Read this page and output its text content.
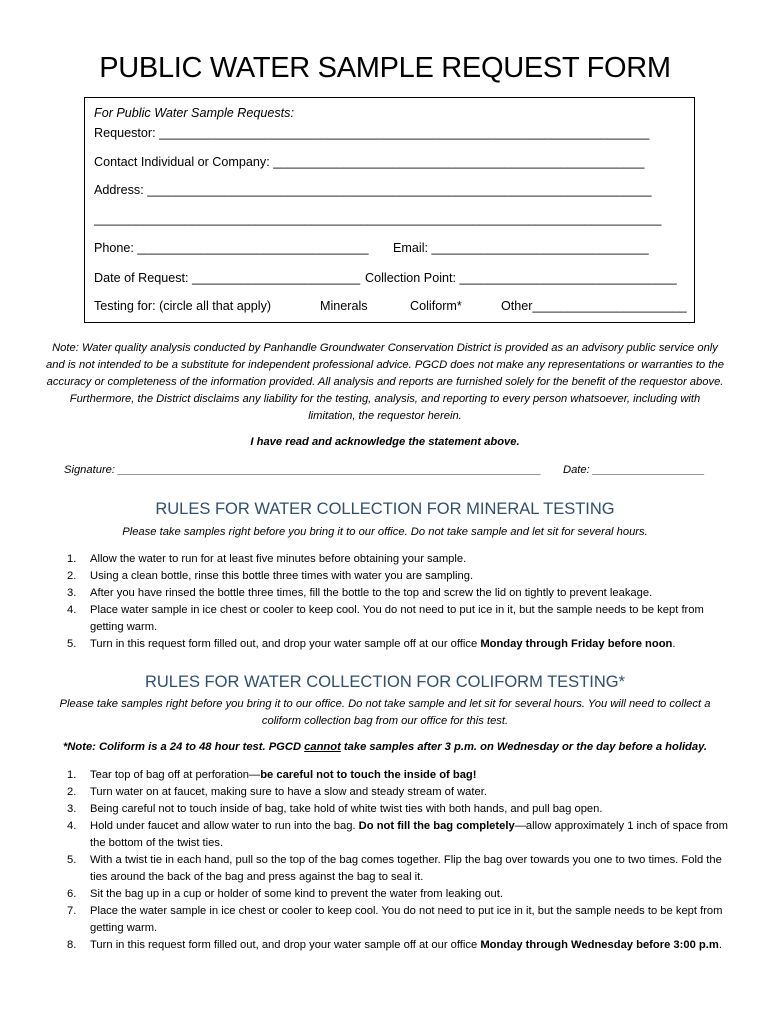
PUBLIC WATER SAMPLE REQUEST FORM
For Public Water Sample Requests:
Requestor: ______________________________________________________________________
Contact Individual or Company: _____________________________________________________
Address: ________________________________________________________________________
_________________________________________________________________________________
Phone: _________________________________	Email: _______________________________
Date of Request: ________________________ Collection Point: _______________________________
Testing for: (circle all that apply)	Minerals	Coliform*	Other______________________
Note: Water quality analysis conducted by Panhandle Groundwater Conservation District is provided as an advisory public service only and is not intended to be a substitute for independent professional advice. PGCD does not make any representations or warranties to the accuracy or completeness of the information provided. All analysis and reports are furnished solely for the benefit of the requestor above. Furthermore, the District disclaims any liability for the testing, analysis, and reporting to every person whatsoever, including with limitation, the requestor herein.
I have read and acknowledge the statement above.
Signature: ____________________________________________________________________	Date: __________________
RULES FOR WATER COLLECTION FOR MINERAL TESTING
Please take samples right before you bring it to our office. Do not take sample and let sit for several hours.
1. Allow the water to run for at least five minutes before obtaining your sample.
2. Using a clean bottle, rinse this bottle three times with water you are sampling.
3. After you have rinsed the bottle three times, fill the bottle to the top and screw the lid on tightly to prevent leakage.
4. Place water sample in ice chest or cooler to keep cool. You do not need to put ice in it, but the sample needs to be kept from getting warm.
5. Turn in this request form filled out, and drop your water sample off at our office Monday through Friday before noon.
RULES FOR WATER COLLECTION FOR COLIFORM TESTING*
Please take samples right before you bring it to our office. Do not take sample and let sit for several hours. You will need to collect a coliform collection bag from our office for this test.
*Note: Coliform is a 24 to 48 hour test. PGCD cannot take samples after 3 p.m. on Wednesday or the day before a holiday.
1. Tear top of bag off at perforation—be careful not to touch the inside of bag!
2. Turn water on at faucet, making sure to have a slow and steady stream of water.
3. Being careful not to touch inside of bag, take hold of white twist ties with both hands, and pull bag open.
4. Hold under faucet and allow water to run into the bag. Do not fill the bag completely—allow approximately 1 inch of space from the bottom of the twist ties.
5. With a twist tie in each hand, pull so the top of the bag comes together. Flip the bag over towards you one to two times. Fold the ties around the back of the bag and press against the bag to seal it.
6. Sit the bag up in a cup or holder of some kind to prevent the water from leaking out.
7. Place the water sample in ice chest or cooler to keep cool. You do not need to put ice in it, but the sample needs to be kept from getting warm.
8. Turn in this request form filled out, and drop your water sample off at our office Monday through Wednesday before 3:00 p.m.
